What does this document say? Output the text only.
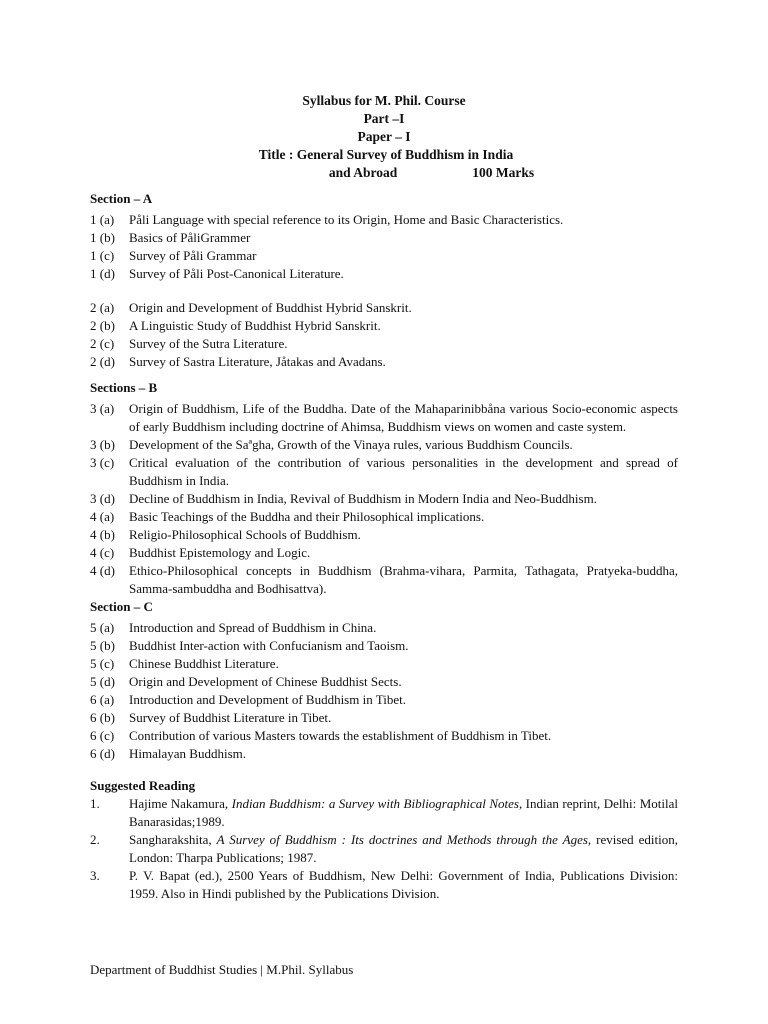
Syllabus for M. Phil. Course
Part –I
Paper – I
Title : General Survey of Buddhism in India
and Abroad	100 Marks
Section – A
1 (a)	Påli Language with special reference to its Origin, Home and Basic Characteristics.
1 (b)	Basics of PåliGrammer
1 (c)	Survey of Påli Grammar
1 (d)	Survey of Påli Post-Canonical Literature.
2 (a)	Origin and Development of Buddhist Hybrid Sanskrit.
2 (b)	A Linguistic Study of Buddhist Hybrid Sanskrit.
2 (c)	Survey of the Sutra Literature.
2 (d)	Survey of Sastra Literature, Jåtakas and Avadans.
Sections – B
3 (a)	Origin of Buddhism, Life of the Buddha. Date of the Mahaparinibbåna various Socio-economic aspects of early Buddhism including doctrine of Ahimsa, Buddhism views on women and caste system.
3 (b)	Development of the Saªgha, Growth of the Vinaya rules, various Buddhism Councils.
3 (c)	Critical evaluation of the contribution of various personalities in the development and spread of Buddhism in India.
3 (d)	Decline of Buddhism in India, Revival of Buddhism in Modern India and Neo-Buddhism.
4 (a)	Basic Teachings of the Buddha and their Philosophical implications.
4 (b)	Religio-Philosophical Schools of Buddhism.
4 (c)	Buddhist Epistemology and Logic.
4 (d)	Ethico-Philosophical concepts in Buddhism (Brahma-vihara, Parmita, Tathagata, Pratyeka-buddha, Samma-sambuddha and Bodhisattva).
Section – C
5 (a)	Introduction and Spread of Buddhism in China.
5 (b)	Buddhist Inter-action with Confucianism and Taoism.
5 (c)	Chinese Buddhist Literature.
5 (d)	Origin and Development of Chinese Buddhist Sects.
6 (a)	Introduction and Development of Buddhism in Tibet.
6 (b)	Survey of Buddhist Literature in Tibet.
6 (c)	Contribution of various Masters towards the establishment of Buddhism in Tibet.
6 (d)	Himalayan Buddhism.
Suggested Reading
1.	Hajime Nakamura, Indian Buddhism: a Survey with Bibliographical Notes, Indian reprint, Delhi: Motilal Banarasidas;1989.
2.	Sangharakshita, A Survey of Buddhism : Its doctrines and Methods through the Ages, revised edition, London: Tharpa Publications; 1987.
3.	P. V. Bapat (ed.), 2500 Years of Buddhism, New Delhi: Government of India, Publications Division: 1959. Also in Hindi published by the Publications Division.
Department of Buddhist Studies | M.Phil. Syllabus
